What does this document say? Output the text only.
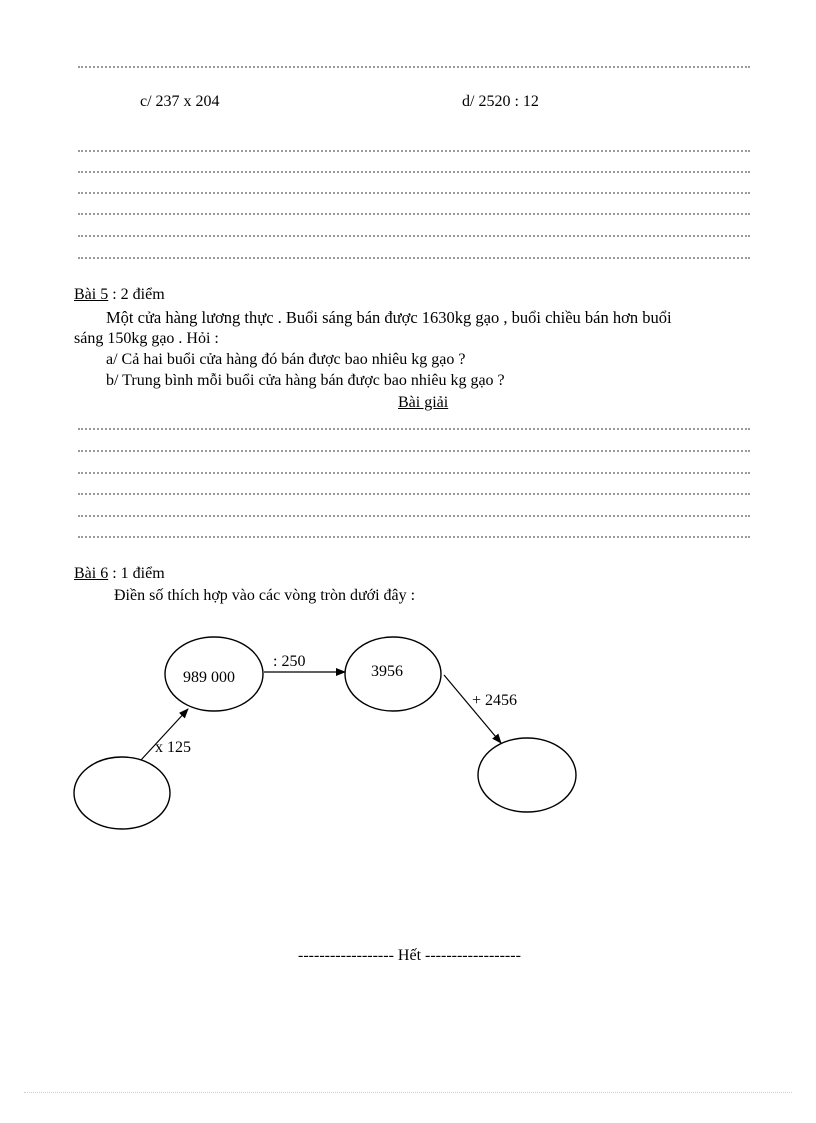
c/ 237 x 204	d/ 2520 : 12
Bài 5 : 2 điểm
Một cửa hàng lương thực . Buổi sáng bán được 1630kg gạo , buổi chiều bán hơn buổi
sáng 150kg gạo . Hỏi :
a/ Cả hai buổi cửa hàng đó bán được bao nhiêu kg gạo ?
b/ Trung bình mỗi buổi cửa hàng bán được bao nhiêu kg gạo ?
Bài giải
Bài 6 : 1 điểm
Điền số thích hợp vào các vòng tròn dưới đây :
989 000	3956
x 125
: 250
+ 2456
------------------ Hết ------------------
